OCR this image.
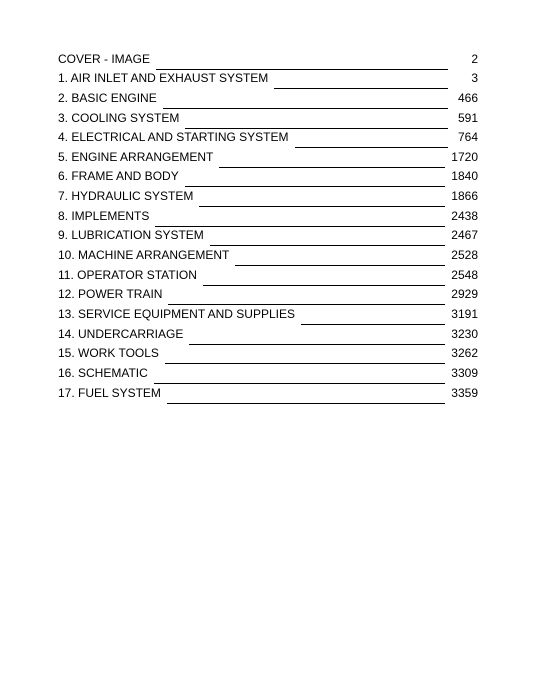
COVER - IMAGE	2
1. AIR INLET AND EXHAUST SYSTEM	3
2. BASIC ENGINE	466
3. COOLING SYSTEM	591
4. ELECTRICAL AND STARTING SYSTEM	764
5. ENGINE ARRANGEMENT	1720
6. FRAME AND BODY	1840
7. HYDRAULIC SYSTEM	1866
8. IMPLEMENTS	2438
9. LUBRICATION SYSTEM	2467
10. MACHINE ARRANGEMENT	2528
11. OPERATOR STATION	2548
12. POWER TRAIN	2929
13. SERVICE EQUIPMENT AND SUPPLIES	3191
14. UNDERCARRIAGE	3230
15. WORK TOOLS	3262
16. SCHEMATIC	3309
17. FUEL SYSTEM	3359
